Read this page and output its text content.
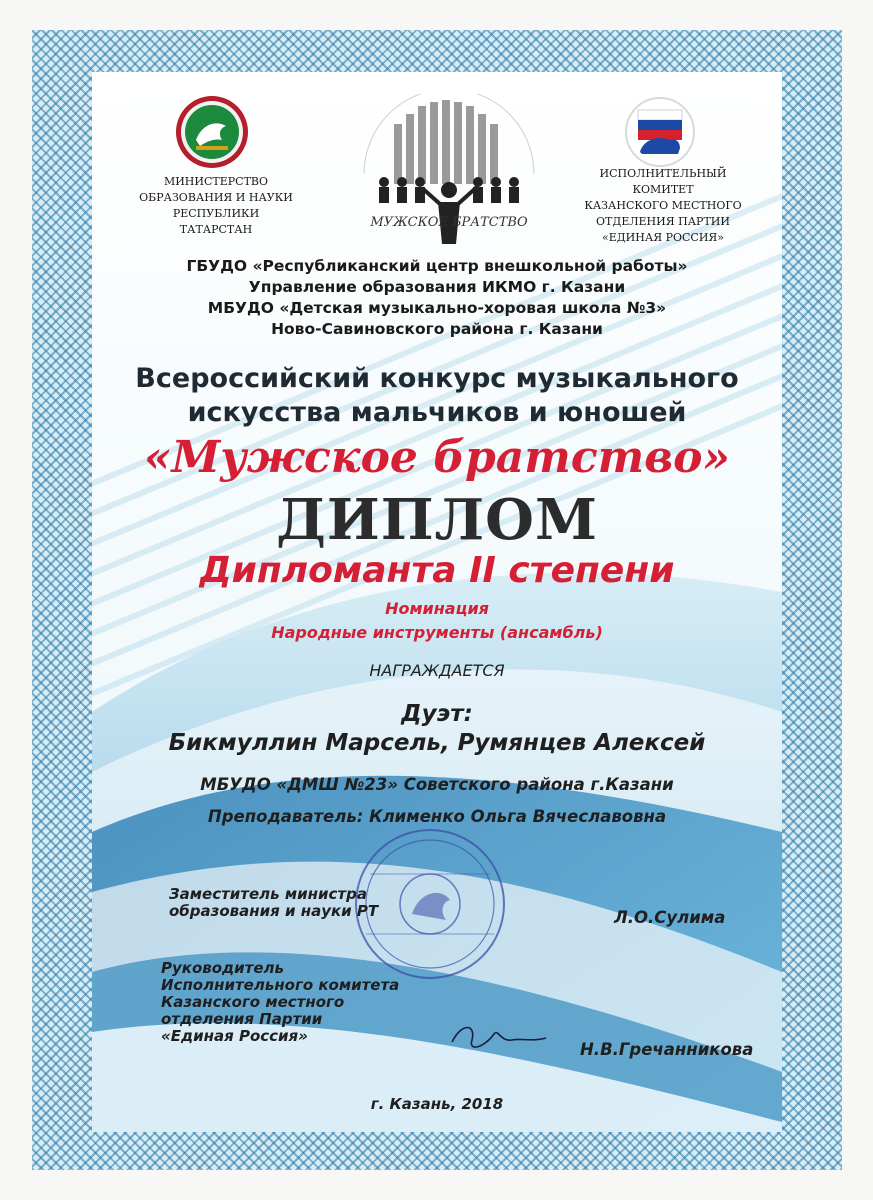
МИНИСТЕРСТВО
ОБРАЗОВАНИЯ И НАУКИ
РЕСПУБЛИКИ ТАТАРСТАН	МУЖСКОЕ БРАТСТВО
ИСПОЛНИТЕЛЬНЫЙ КОМИТЕТ
КАЗАНСКОГО МЕСТНОГО
ОТДЕЛЕНИЯ ПАРТИИ
«ЕДИНАЯ РОССИЯ»
ГБУДО «Республиканский центр внешкольной работы»
Управление образования ИКМО г. Казани
МБУДО «Детская музыкально-хоровая школа №3»
Ново-Савиновского района г. Казани
Всероссийский конкурс музыкального
искусства мальчиков и юношей
«Мужское братство»
ДИПЛОМ
Дипломанта II степени
Номинация
Народные инструменты (ансамбль)
НАГРАЖДАЕТСЯ
Дуэт:
Бикмуллин Марсель, Румянцев Алексей
МБУДО «ДМШ №23» Советского района г.Казани
Преподаватель: Клименко Ольга Вячеславовна
Заместитель министра
образования и науки РТ	Л.О.Сулима
Руководитель
Исполнительного комитета
Казанского местного
отделения Партии
«Единая Россия»
Н.В.Гречанникова
г. Казань, 2018
